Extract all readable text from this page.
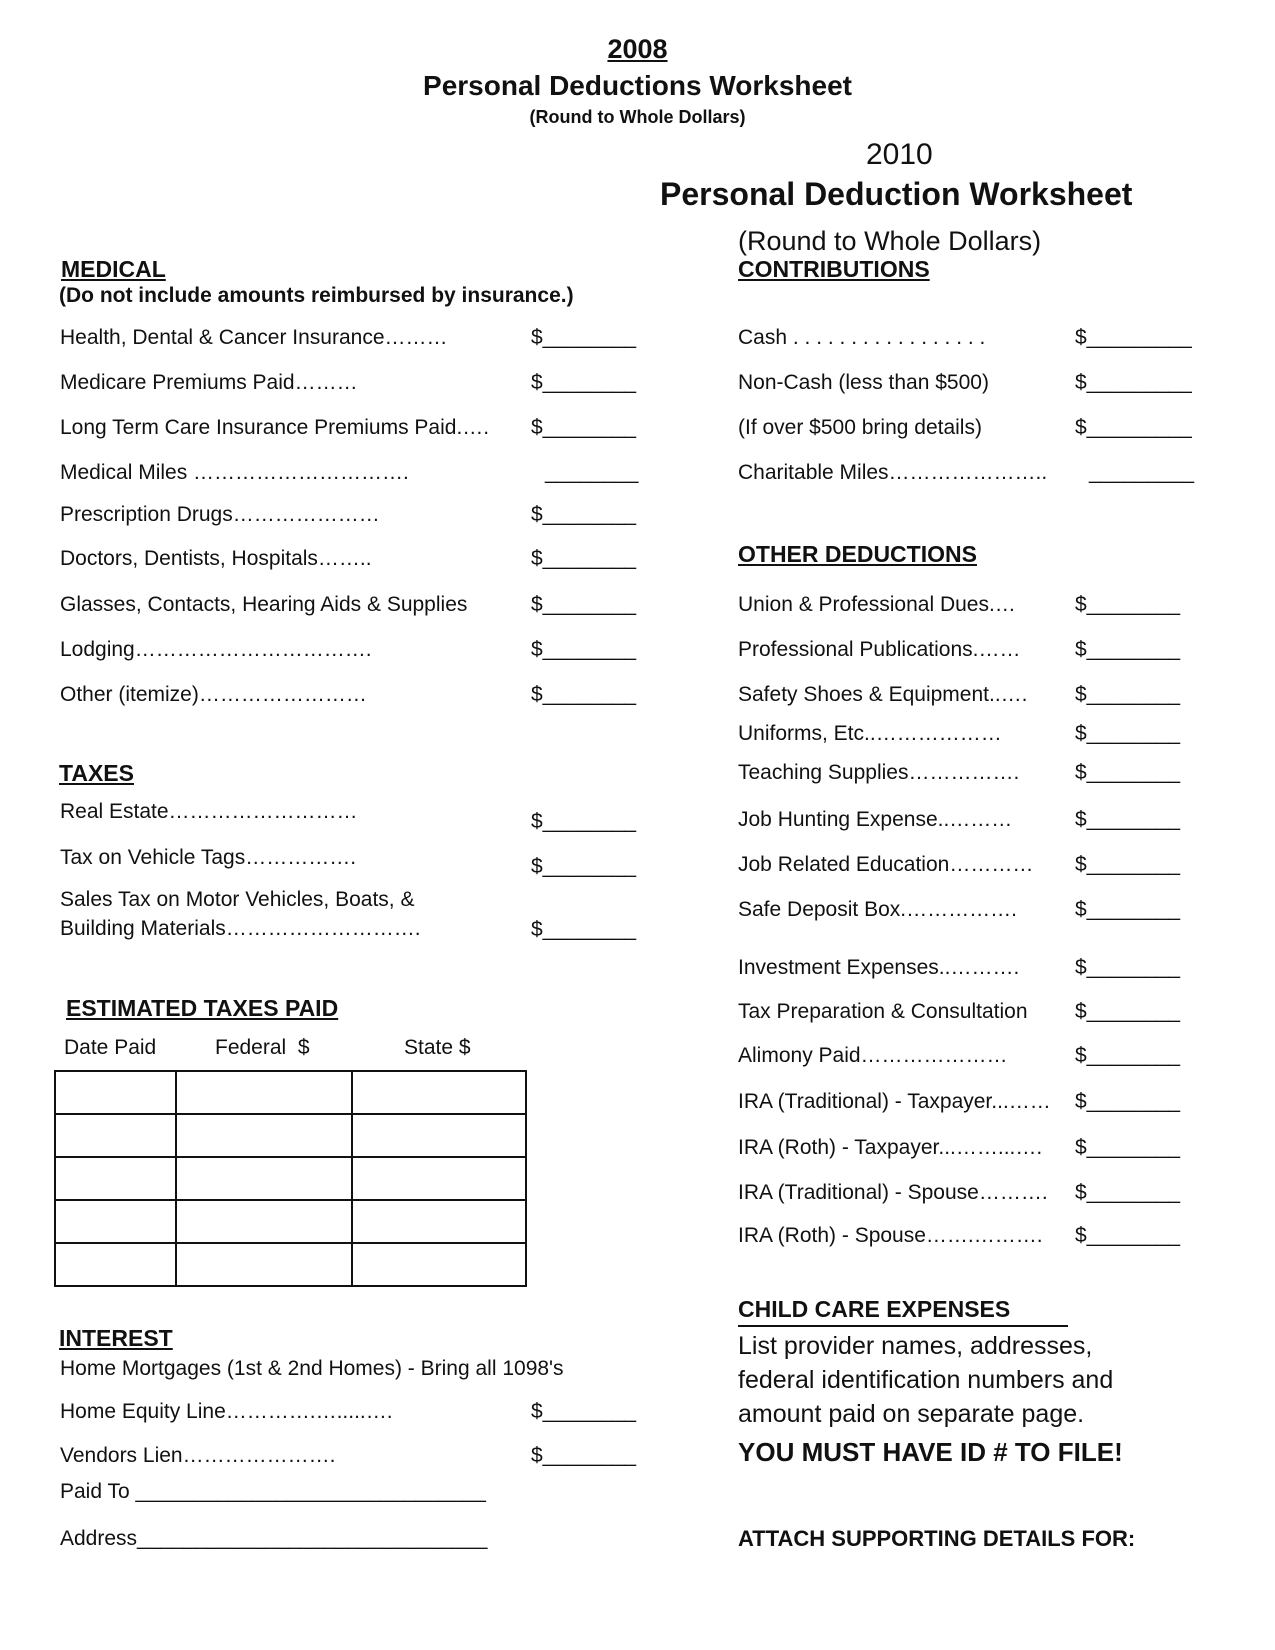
2008
Personal Deductions Worksheet
(Round to Whole Dollars)
2010
Personal Deduction Worksheet
(Round to Whole Dollars)
MEDICAL
(Do not include amounts reimbursed by insurance.)
Health, Dental & Cancer Insurance………	$________
Medicare Premiums Paid………	$________
Long Term Care Insurance Premiums Paid.…. $________
Medical Miles ………………………….	________
Prescription Drugs…………………	$________
Doctors, Dentists, Hospitals……..	$________
Glasses, Contacts, Hearing Aids & Supplies	$________
Lodging…………………………….	$________
Other (itemize)……………………	$________
TAXES
Real Estate………………………	$________
Tax on Vehicle Tags…………….	$________
Sales Tax on Motor Vehicles, Boats, &
Building Materials……………………….	$________
ESTIMATED TAXES PAID
Date Paid	Federal  $	State $

INTEREST
Home Mortgages (1st & 2nd Homes) - Bring all 1098's
Home Equity Line………….….....….	$________
Vendors Lien………………….	$________
Paid To ______________________________
Address______________________________
CONTRIBUTIONS
Cash . . . . . . . . . . . . . . . . .	$_________
Non-Cash (less than $500)	$_________
(If over $500 bring details)	$_________
Charitable Miles………………….. _________
OTHER DEDUCTIONS
Union & Professional Dues.…	$________
Professional Publications.……	$________
Safety Shoes & Equipment..…. $________
Uniforms, Etc..………………	$________
Teaching Supplies…………….	$________
Job Hunting Expense..………	$________
Job Related Education………… $________
Safe Deposit Box.…………….	$________
Investment Expenses..……….	$________
Tax Preparation & Consultation $________
Alimony Paid…………………	$________
IRA (Traditional) - Taxpayer...…… $________
IRA (Roth) - Taxpayer...……...…. $________
IRA (Traditional) - Spouse………. $________
IRA (Roth) - Spouse…….………. $________
CHILD CARE EXPENSES
List provider names, addresses,
federal identification numbers and
amount paid on separate page.
YOU MUST HAVE ID # TO FILE!
ATTACH SUPPORTING DETAILS FOR:
